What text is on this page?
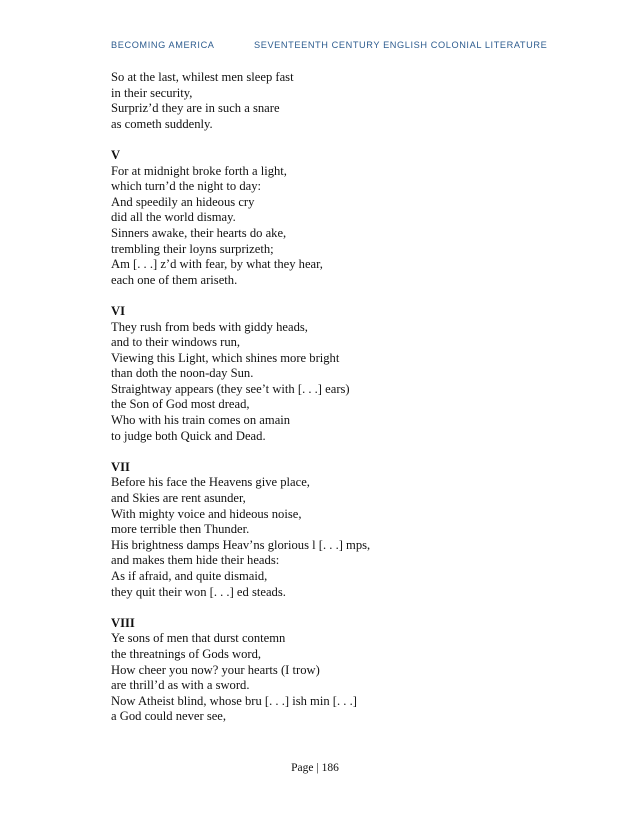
BECOMING AMERICA	SEVENTEENTH CENTURY ENGLISH COLONIAL LITERATURE
So at the last, whilest men sleep fast
in their security,
Surpriz’d they are in such a snare
as cometh suddenly.
V
For at midnight broke forth a light,
which turn’d the night to day:
And speedily an hideous cry
did all the world dismay.
Sinners awake, their hearts do ake,
trembling their loyns surprizeth;
Am [. . .] z’d with fear, by what they hear,
each one of them ariseth.
VI
They rush from beds with giddy heads,
and to their windows run,
Viewing this Light, which shines more bright
than doth the noon-day Sun.
Straightway appears (they see’t with [. . .] ears)
the Son of God most dread,
Who with his train comes on amain
to judge both Quick and Dead.
VII
Before his face the Heavens give place,
and Skies are rent asunder,
With mighty voice and hideous noise,
more terrible then Thunder.
His brightness damps Heav’ns glorious l [. . .] mps,
and makes them hide their heads:
As if afraid, and quite dismaid,
they quit their won [. . .] ed steads.
VIII
Ye sons of men that durst contemn
the threatnings of Gods word,
How cheer you now? your hearts (I trow)
are thrill’d as with a sword.
Now Atheist blind, whose bru [. . .] ish min [. . .]
a God could never see,
Page | 186
